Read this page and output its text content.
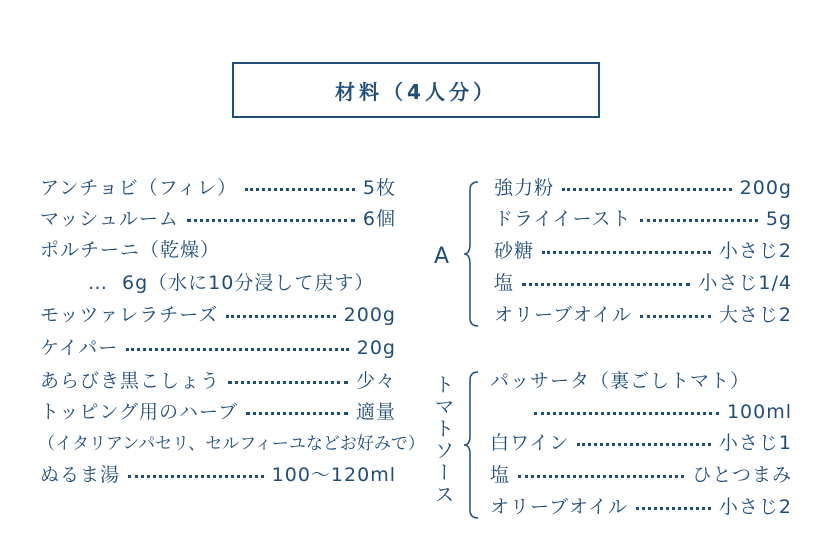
材料（4人分）
アンチョビ（フィレ）	5枚
マッシュルーム	6個
ポルチーニ（乾燥）
… 6g（水に10分浸して戻す）
モッツァレラチーズ	200g
ケイパー	20g
あらびき黒こしょう	少々
トッピング用のハーブ	適量
（イタリアンパセリ、セルフィーユなどお好みで）
ぬるま湯	100〜120ml
A
強力粉	200g
ドライイースト	5g
砂糖	小さじ2
塩	小さじ1/4
オリーブオイル	大さじ2
トマトソース パッサータ（裏ごしトマト）
100ml
白ワイン	小さじ1
塩	ひとつまみ
オリーブオイル	小さじ2
